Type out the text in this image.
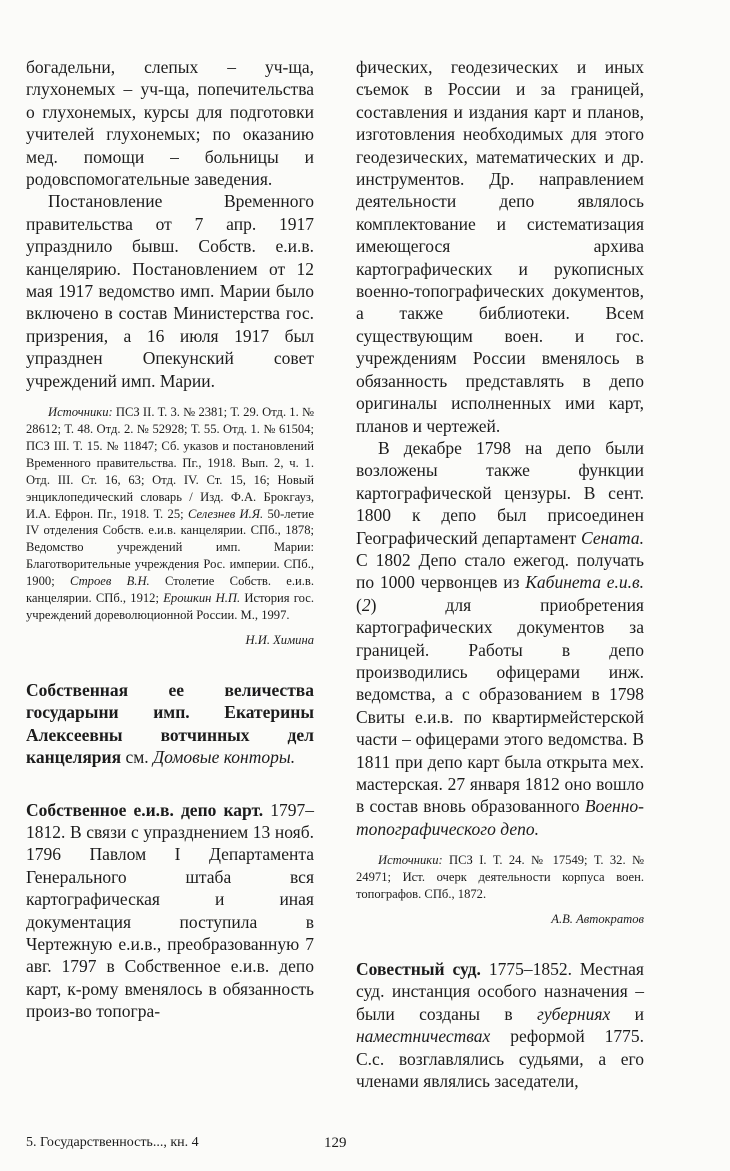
богадельни, слепых – уч-ща, глухонемых – уч-ща, попечительства о глухонемых, курсы для подготовки учителей глухонемых; по оказанию мед. помощи – больницы и родовспомогательные заведения.

Постановление Временного правительства от 7 апр. 1917 упразднило бывш. Собств. е.и.в. канцелярию. Постановлением от 12 мая 1917 ведомство имп. Марии было включено в состав Министерства гос. призрения, а 16 июля 1917 был упразднен Опекунский совет учреждений имп. Марии.

Источники: ПСЗ II. Т. 3. № 2381; Т. 29. Отд. 1. № 28612; Т. 48. Отд. 2. № 52928; Т. 55. Отд. 1. № 61504; ПСЗ III. Т. 15. № 11847; Сб. указов и постановлений Временного правительства. Пг., 1918. Вып. 2, ч. 1. Отд. III. Ст. 16, 63; Отд. IV. Ст. 15, 16; Новый энциклопедический словарь / Изд. Ф.А. Брокгауз, И.А. Ефрон. Пг., 1918. Т. 25; Селезнев И.Я. 50-летие IV отделения Собств. е.и.в. канцелярии. СПб., 1878; Ведомство учреждений имп. Марии: Благотворительные учреждения Рос. империи. СПб., 1900; Строев В.Н. Столетие Собств. е.и.в. канцелярии. СПб., 1912; Ерошкин Н.П. История гос. учреждений дореволюционной России. М., 1997.

Н.И. Химина

Собственная ее величества государыни имп. Екатерины Алексеевны вотчинных дел канцелярия см. Домовые конторы.

Собственное е.и.в. депо карт. 1797–1812. В связи с упразднением 13 нояб. 1796 Павлом I Департамента Генерального штаба вся картографическая и иная документация поступила в Чертежную е.и.в., преобразованную 7 авг. 1797 в Собственное е.и.в. депо карт, к-рому вменялось в обязанность произ-во топогра-

фических, геодезических и иных съемок в России и за границей, составления и издания карт и планов, изготовления необходимых для этого геодезических, математических и др. инструментов. Др. направлением деятельности депо являлось комплектование и систематизация имеющегося архива картографических и рукописных военно-топографических документов, а также библиотеки. Всем существующим воен. и гос. учреждениям России вменялось в обязанность представлять в депо оригиналы исполненных ими карт, планов и чертежей.

В декабре 1798 на депо были возложены также функции картографической цензуры. В сент. 1800 к депо был присоединен Географический департамент Сената. С 1802 Депо стало ежегод. получать по 1000 червонцев из Кабинета е.и.в. (2) для приобретения картографических документов за границей. Работы в депо производились офицерами инж. ведомства, а с образованием в 1798 Свиты е.и.в. по квартирмейстерской части – офицерами этого ведомства. В 1811 при депо карт была открыта мех. мастерская. 27 января 1812 оно вошло в состав вновь образованного Военно-топографического депо.

Источники: ПСЗ I. Т. 24. № 17549; Т. 32. № 24971; Ист. очерк деятельности корпуса воен. топографов. СПб., 1872.

А.В. Автократов

Совестный суд. 1775–1852. Местная суд. инстанция особого назначения – были созданы в губерниях и наместничествах реформой 1775. С.с. возглавлялись судьями, а его членами являлись заседатели,

5. Государственность..., кн. 4	129
